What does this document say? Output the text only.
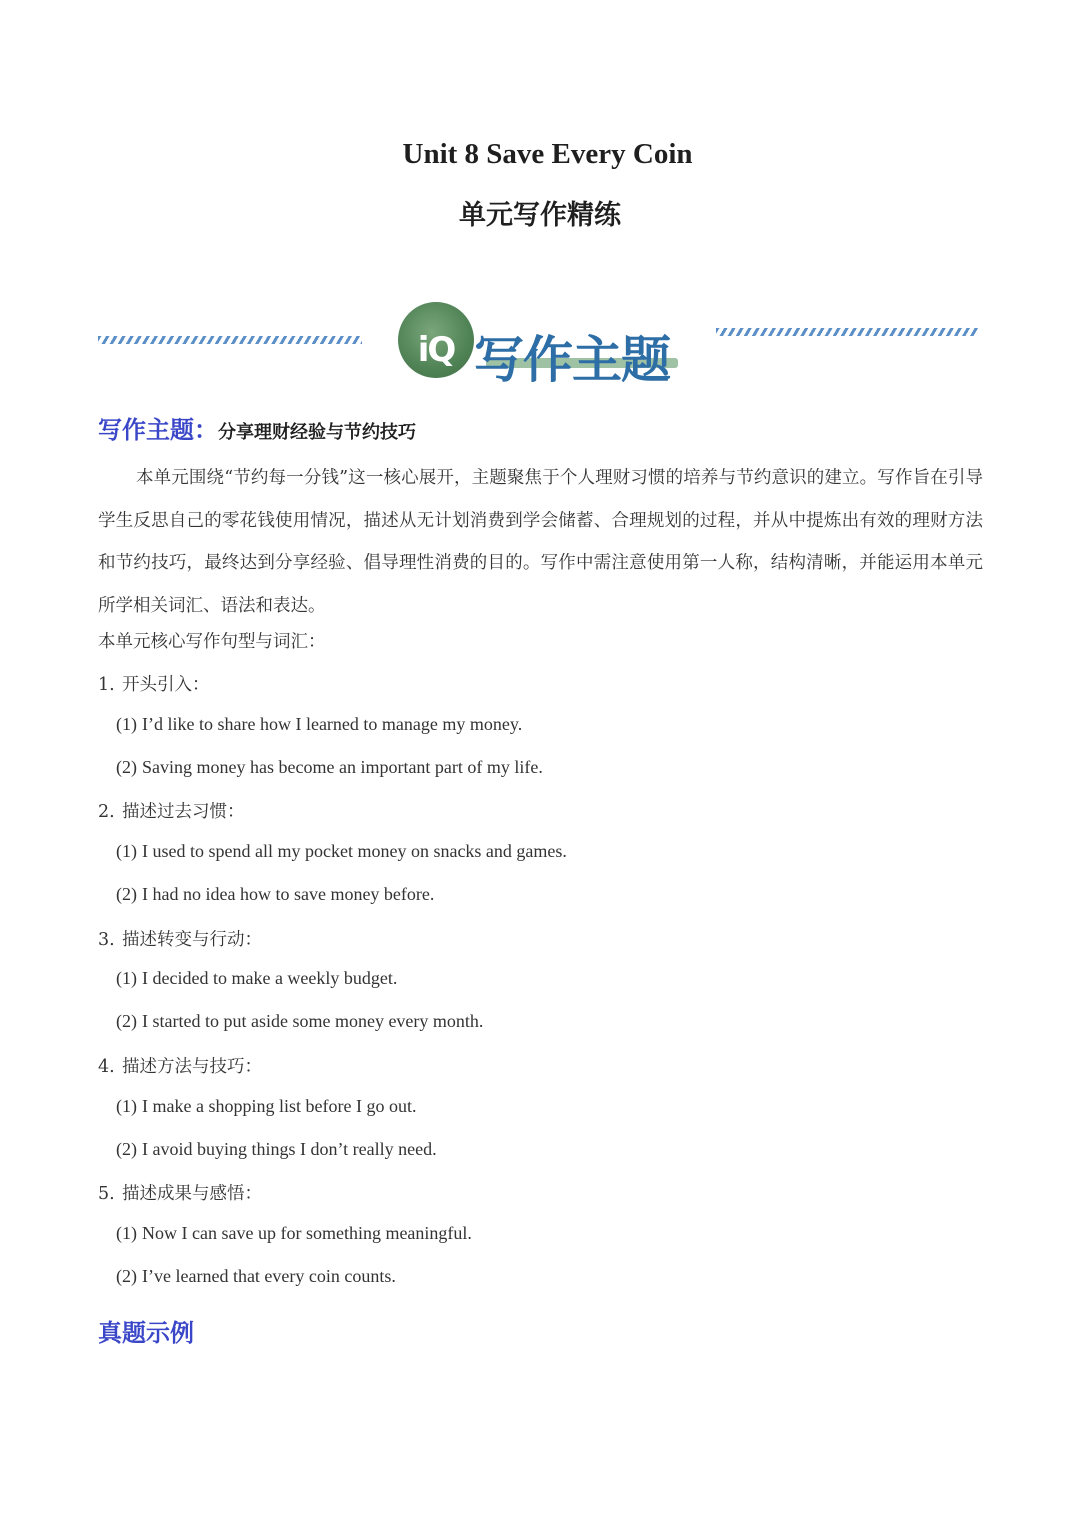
Unit 8 Save Every Coin
单元写作精练
iQ 写作主题
写作主题：分享理财经验与节约技巧
本单元围绕“节约每一分钱”这一核心展开，主题聚焦于个人理财习惯的培养与节约意识的建立。写作旨在引导学生反思自己的零花钱使用情况，描述从无计划消费到学会储蓄、合理规划的过程，并从中提炼出有效的理财方法和节约技巧，最终达到分享经验、倡导理性消费的目的。写作中需注意使用第一人称，结构清晰，并能运用本单元所学相关词汇、语法和表达。
本单元核心写作句型与词汇：
1. 开头引入：
(1) I’d like to share how I learned to manage my money.
(2) Saving money has become an important part of my life.
2. 描述过去习惯：
(1) I used to spend all my pocket money on snacks and games.
(2) I had no idea how to save money before.
3. 描述转变与行动：
(1) I decided to make a weekly budget.
(2) I started to put aside some money every month.
4. 描述方法与技巧：
(1) I make a shopping list before I go out.
(2) I avoid buying things I don’t really need.
5. 描述成果与感悟：
(1) Now I can save up for something meaningful.
(2) I’ve learned that every coin counts.
真题示例
